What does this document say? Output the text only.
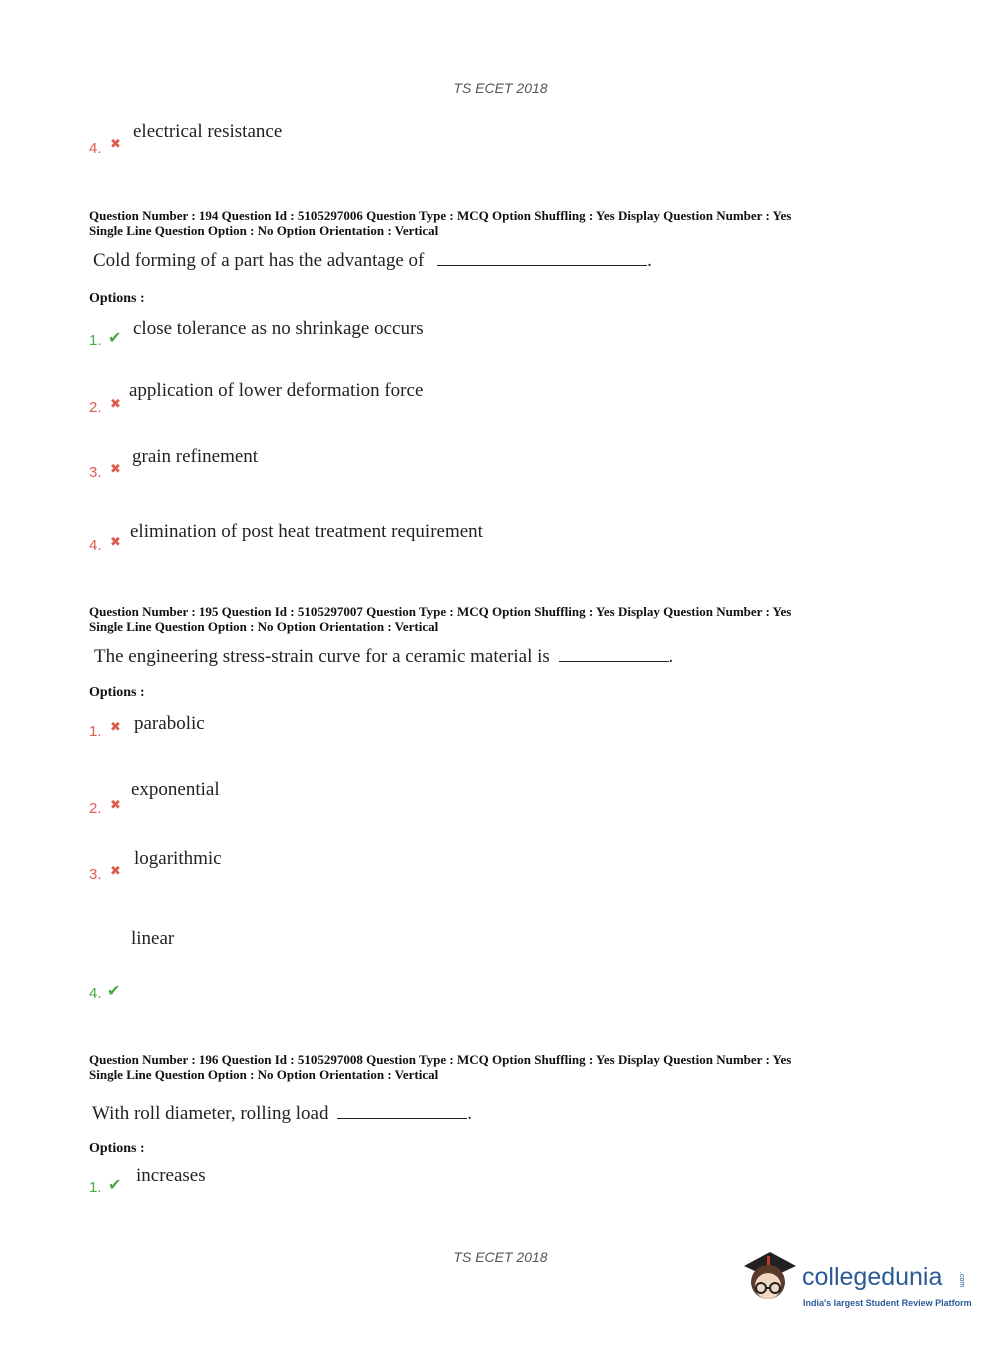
TS ECET 2018
electrical resistance
4. ✖
Question Number : 194 Question Id : 5105297006 Question Type : MCQ Option Shuffling : Yes Display Question Number : Yes
Single Line Question Option : No Option Orientation : Vertical
Cold forming of a part has the advantage of	.
Options :
close tolerance as no shrinkage occurs
1. ✔
application of lower deformation force
2. ✖
grain refinement
3. ✖
elimination of post heat treatment requirement
4. ✖
Question Number : 195 Question Id : 5105297007 Question Type : MCQ Option Shuffling : Yes Display Question Number : Yes
Single Line Question Option : No Option Orientation : Vertical
The engineering stress-strain curve for a ceramic material is	.
Options :
parabolic
1. ✖
exponential
2. ✖
logarithmic
3. ✖
linear
4. ✔
Question Number : 196 Question Id : 5105297008 Question Type : MCQ Option Shuffling : Yes Display Question Number : Yes
Single Line Question Option : No Option Orientation : Vertical
With roll diameter, rolling load	.
Options :
increases
1. ✔
TS ECET 2018
collegedunia .com
India's largest Student Review Platform
